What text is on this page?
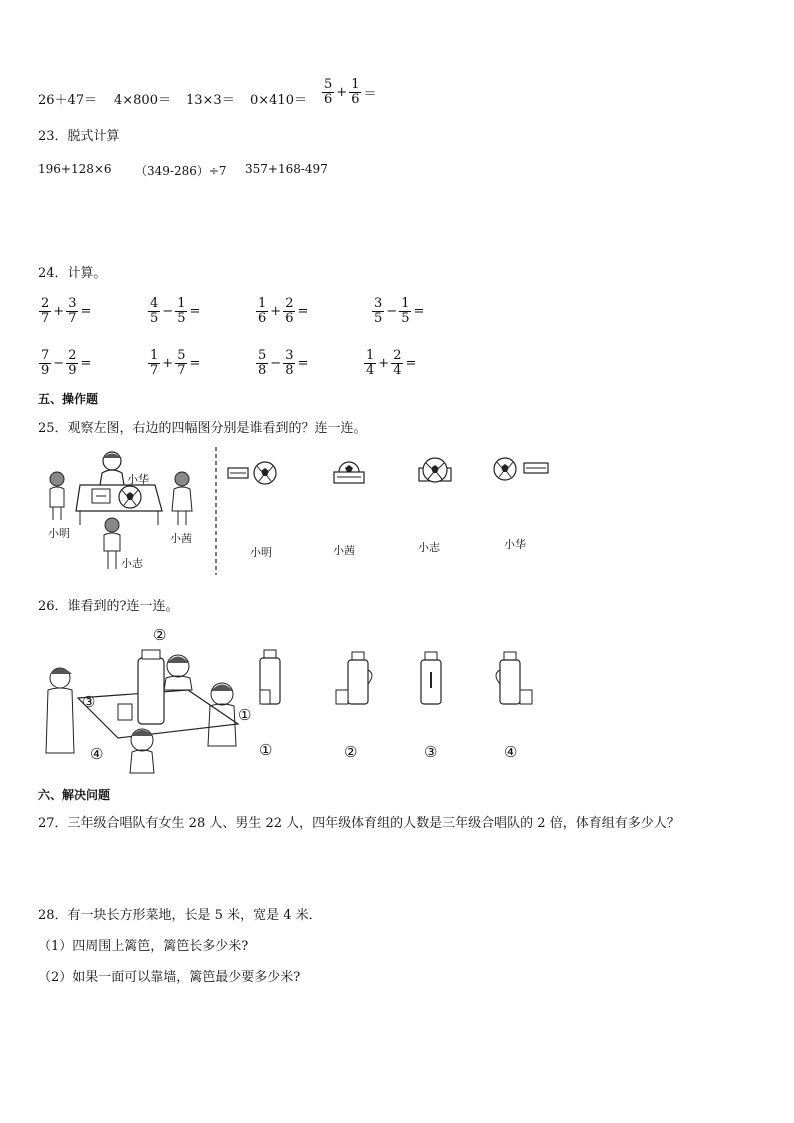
$26+47= 4\times 800= 13\times 3= 0\times 410= \frac{5}{6} + \frac{1}{6}$ ＝
23．脱式计算
196+128×6 （349-286）÷7 357+168-497
24．计算。
$\frac{2}{7} + \frac{3}{7}$ =	$\frac{4}{5} - \frac{1}{5}$ =	$\frac{1}{6} + \frac{2}{6}$ =	$\frac{3}{5} - \frac{1}{5}$ =
$\frac{7}{9} - \frac{2}{9}$ =	$\frac{1}{7} + \frac{5}{7}$ =	$\frac{5}{8} - \frac{3}{8}$ =	$\frac{1}{4} + \frac{2}{4}$ =
五、操作题
25．观察左图，右边的四幅图分别是谁看到的？连一连。
小华
小明	小茜
小志
小明	小茜	小志	小华
26．谁看到的?连一连。
②
③
①
④	①	②	③	④
六、解决问题
27．三年级合唱队有女生 28 人、男生 22 人，四年级体育组的人数是三年级合唱队的 2 倍，体育组有多少人？
28．有一块长方形菜地，长是 5 米，宽是 4 米．
（1）四周围上篱笆，篱笆长多少米?
（2）如果一面可以靠墙，篱笆最少要多少米?
